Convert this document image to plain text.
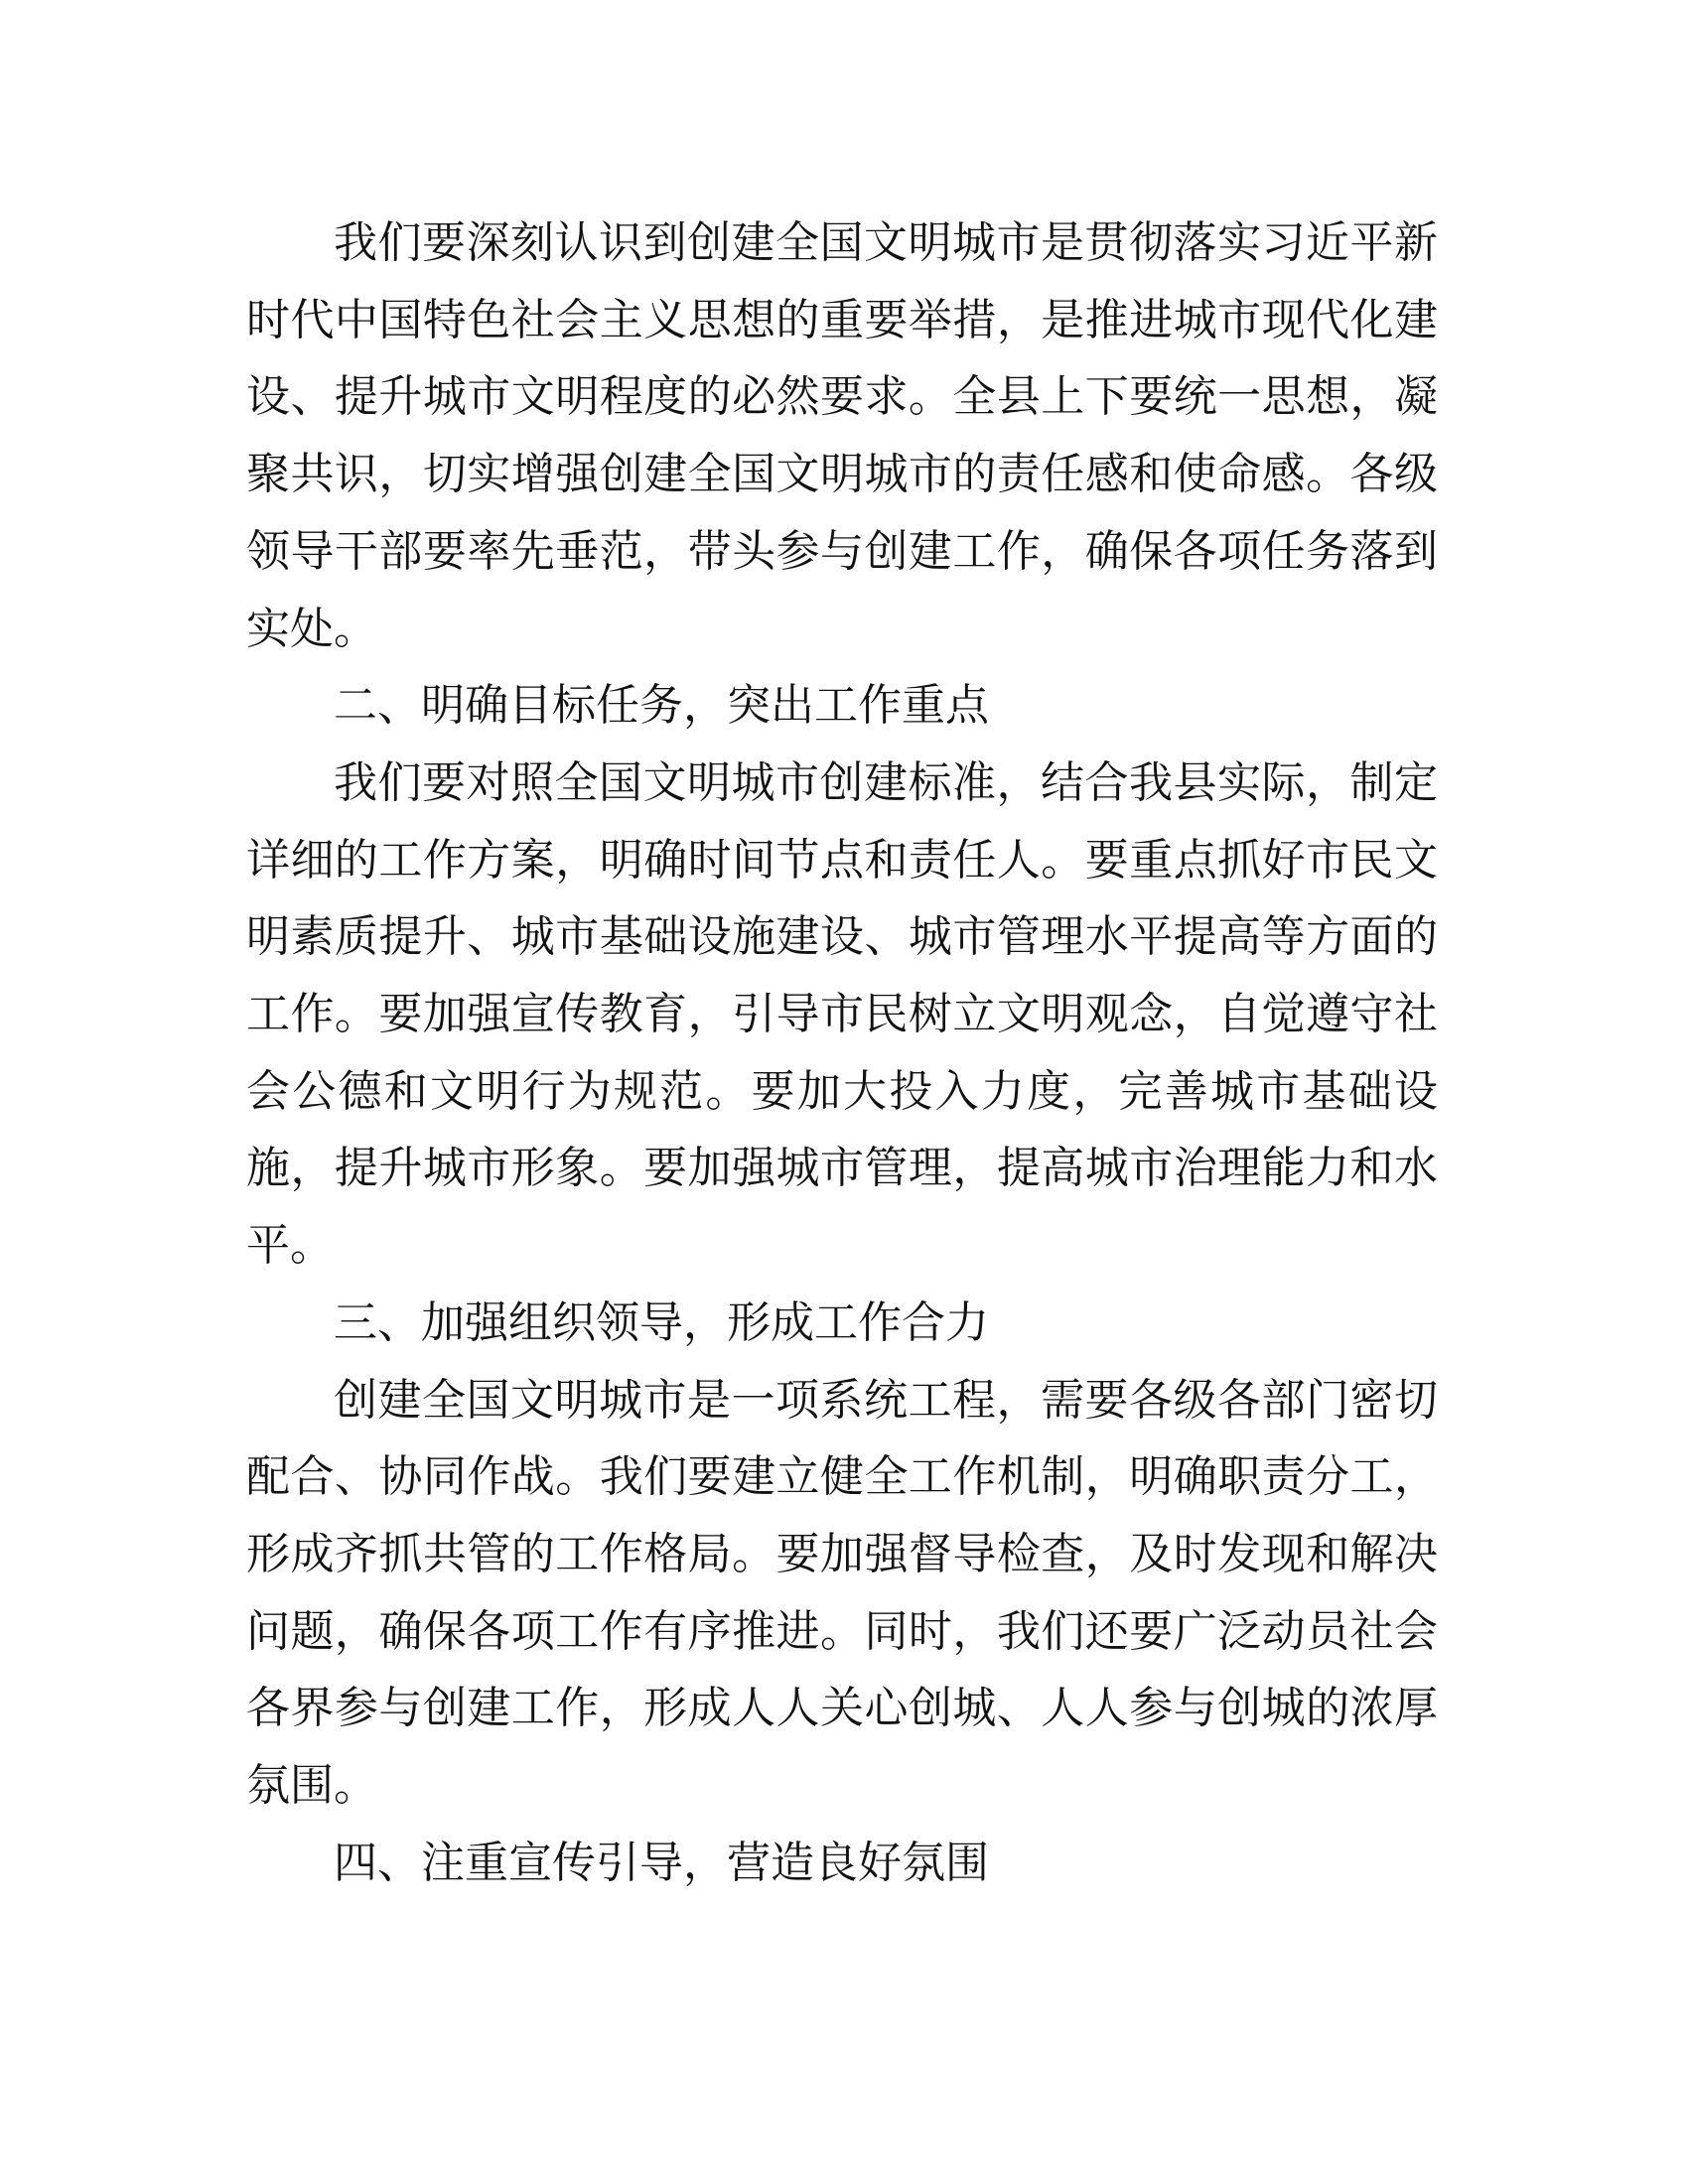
我们要深刻认识到创建全国文明城市是贯彻落实习近平新时代中国特色社会主义思想的重要举措，是推进城市现代化建设、提升城市文明程度的必然要求。全县上下要统一思想，凝聚共识，切实增强创建全国文明城市的责任感和使命感。各级领导干部要率先垂范，带头参与创建工作，确保各项任务落到实处。

二、明确目标任务，突出工作重点

我们要对照全国文明城市创建标准，结合我县实际，制定详细的工作方案，明确时间节点和责任人。要重点抓好市民文明素质提升、城市基础设施建设、城市管理水平提高等方面的工作。要加强宣传教育，引导市民树立文明观念，自觉遵守社会公德和文明行为规范。要加大投入力度，完善城市基础设施，提升城市形象。要加强城市管理，提高城市治理能力和水平。

三、加强组织领导，形成工作合力

创建全国文明城市是一项系统工程，需要各级各部门密切配合、协同作战。我们要建立健全工作机制，明确职责分工，形成齐抓共管的工作格局。要加强督导检查，及时发现和解决问题，确保各项工作有序推进。同时，我们还要广泛动员社会各界参与创建工作，形成人人关心创城、人人参与创城的浓厚氛围。

四、注重宣传引导，营造良好氛围
